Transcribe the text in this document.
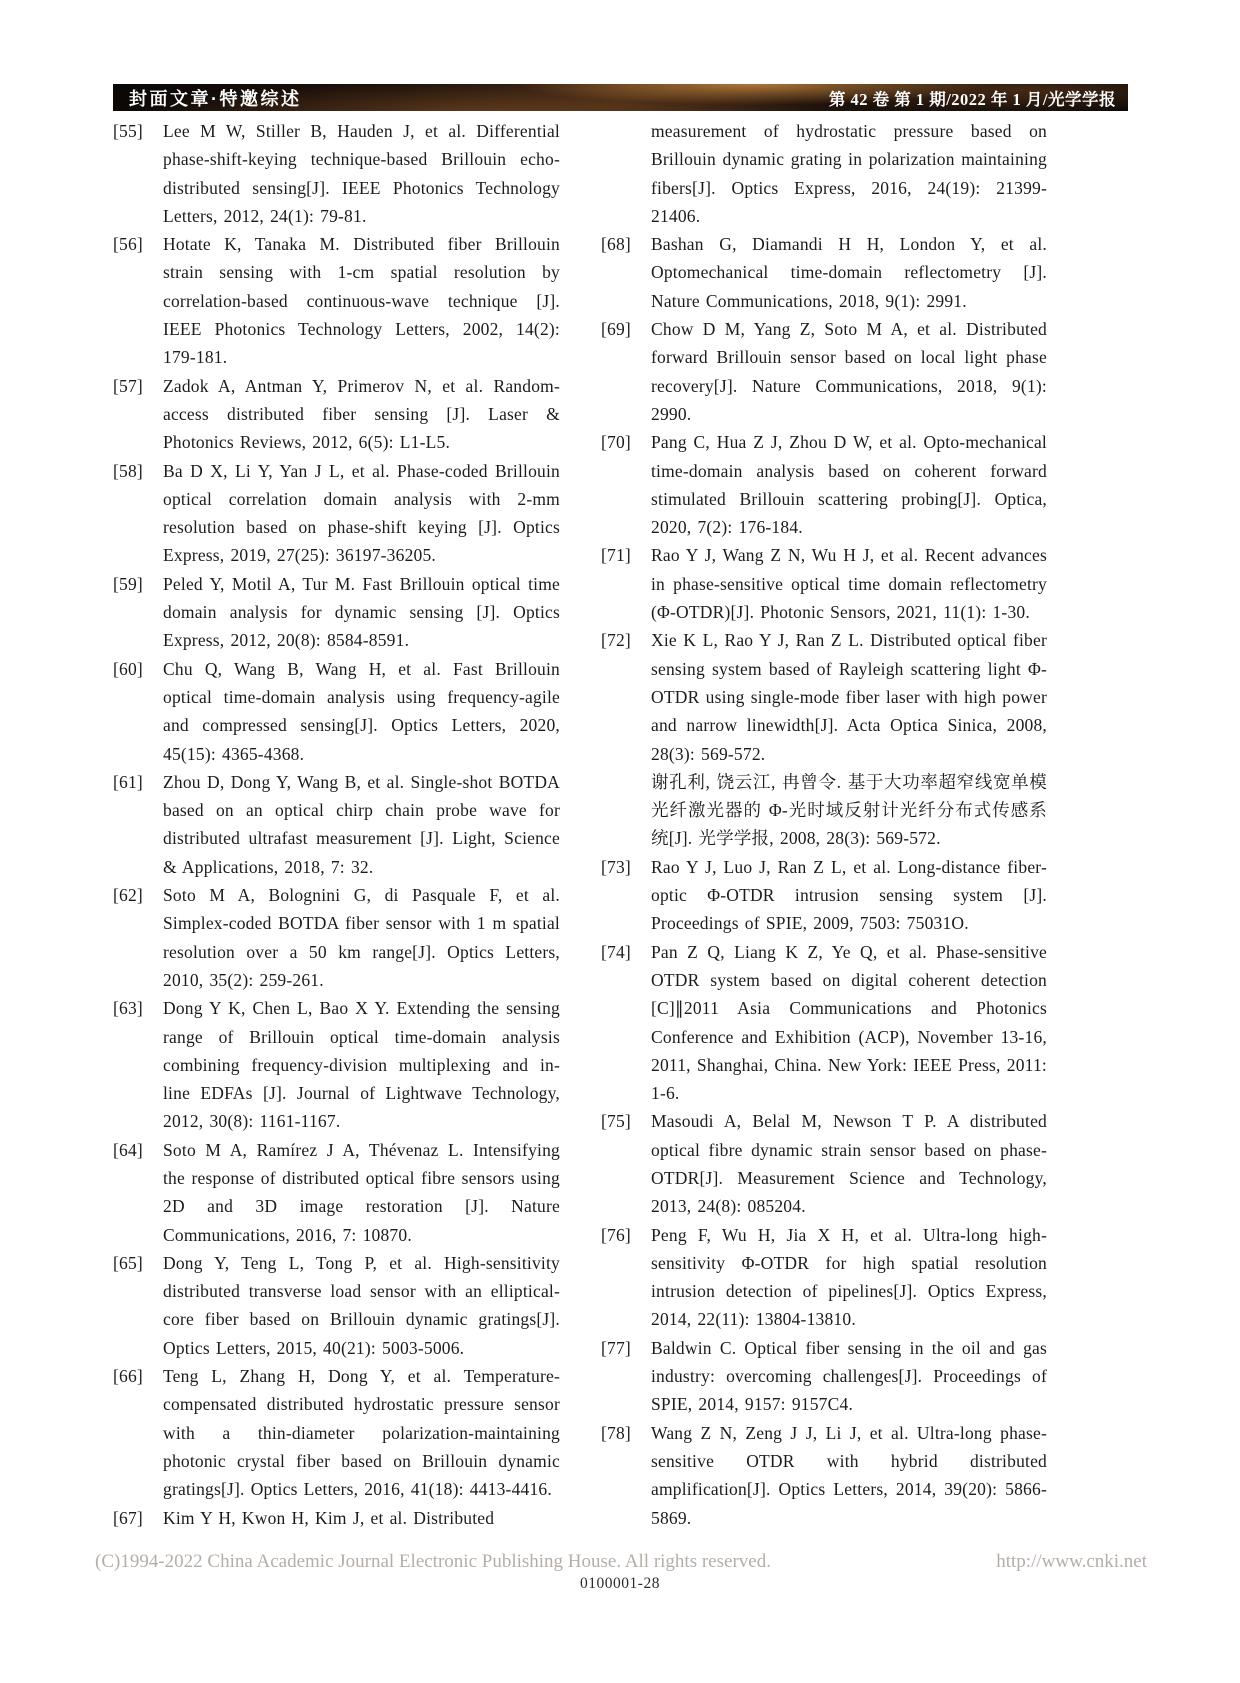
封面文章·特邀综述	第 42 卷 第 1 期/2022 年 1 月/光学学报
[55]	Lee M W, Stiller B, Hauden J, et al. Differential phase-shift-keying technique-based Brillouin echo-distributed sensing[J]. IEEE Photonics Technology Letters, 2012, 24(1): 79-81.
[56]	Hotate K, Tanaka M. Distributed fiber Brillouin strain sensing with 1-cm spatial resolution by correlation-based continuous-wave technique [J]. IEEE Photonics Technology Letters, 2002, 14(2): 179-181.
[57]	Zadok A, Antman Y, Primerov N, et al. Random-access distributed fiber sensing [J]. Laser & Photonics Reviews, 2012, 6(5): L1-L5.
[58]	Ba D X, Li Y, Yan J L, et al. Phase-coded Brillouin optical correlation domain analysis with 2-mm resolution based on phase-shift keying [J]. Optics Express, 2019, 27(25): 36197-36205.
[59]	Peled Y, Motil A, Tur M. Fast Brillouin optical time domain analysis for dynamic sensing [J]. Optics Express, 2012, 20(8): 8584-8591.
[60]	Chu Q, Wang B, Wang H, et al. Fast Brillouin optical time-domain analysis using frequency-agile and compressed sensing[J]. Optics Letters, 2020, 45(15): 4365-4368.
[61]	Zhou D, Dong Y, Wang B, et al. Single-shot BOTDA based on an optical chirp chain probe wave for distributed ultrafast measurement [J]. Light, Science & Applications, 2018, 7: 32.
[62]	Soto M A, Bolognini G, di Pasquale F, et al. Simplex-coded BOTDA fiber sensor with 1 m spatial resolution over a 50 km range[J]. Optics Letters, 2010, 35(2): 259-261.
[63]	Dong Y K, Chen L, Bao X Y. Extending the sensing range of Brillouin optical time-domain analysis combining frequency-division multiplexing and in-line EDFAs [J]. Journal of Lightwave Technology, 2012, 30(8): 1161-1167.
[64]	Soto M A, Ramírez J A, Thévenaz L. Intensifying the response of distributed optical fibre sensors using 2D and 3D image restoration [J]. Nature Communications, 2016, 7: 10870.
[65]	Dong Y, Teng L, Tong P, et al. High-sensitivity distributed transverse load sensor with an elliptical-core fiber based on Brillouin dynamic gratings[J]. Optics Letters, 2015, 40(21): 5003-5006.
[66]	Teng L, Zhang H, Dong Y, et al. Temperature-compensated distributed hydrostatic pressure sensor with a thin-diameter polarization-maintaining photonic crystal fiber based on Brillouin dynamic gratings[J]. Optics Letters, 2016, 41(18): 4413-4416.
[67]	Kim Y H, Kwon H, Kim J, et al. Distributed
measurement of hydrostatic pressure based on Brillouin dynamic grating in polarization maintaining fibers[J]. Optics Express, 2016, 24(19): 21399-21406.
[68]	Bashan G, Diamandi H H, London Y, et al. Optomechanical time-domain reflectometry [J]. Nature Communications, 2018, 9(1): 2991.
[69]	Chow D M, Yang Z, Soto M A, et al. Distributed forward Brillouin sensor based on local light phase recovery[J]. Nature Communications, 2018, 9(1): 2990.
[70]	Pang C, Hua Z J, Zhou D W, et al. Opto-mechanical time-domain analysis based on coherent forward stimulated Brillouin scattering probing[J]. Optica, 2020, 7(2): 176-184.
[71]	Rao Y J, Wang Z N, Wu H J, et al. Recent advances in phase-sensitive optical time domain reflectometry (Φ-OTDR)[J]. Photonic Sensors, 2021, 11(1): 1-30.
[72]	Xie K L, Rao Y J, Ran Z L. Distributed optical fiber sensing system based of Rayleigh scattering light Φ-OTDR using single-mode fiber laser with high power and narrow linewidth[J]. Acta Optica Sinica, 2008, 28(3): 569-572.
谢孔利, 饶云江, 冉曾令. 基于大功率超窄线宽单模光纤激光器的 Φ-光时域反射计光纤分布式传感系统[J]. 光学学报, 2008, 28(3): 569-572.
[73]	Rao Y J, Luo J, Ran Z L, et al. Long-distance fiber-optic Φ-OTDR intrusion sensing system [J]. Proceedings of SPIE, 2009, 7503: 75031O.
[74]	Pan Z Q, Liang K Z, Ye Q, et al. Phase-sensitive OTDR system based on digital coherent detection [C]∥2011 Asia Communications and Photonics Conference and Exhibition (ACP), November 13-16, 2011, Shanghai, China. New York: IEEE Press, 2011: 1-6.
[75]	Masoudi A, Belal M, Newson T P. A distributed optical fibre dynamic strain sensor based on phase-OTDR[J]. Measurement Science and Technology, 2013, 24(8): 085204.
[76]	Peng F, Wu H, Jia X H, et al. Ultra-long high-sensitivity Φ-OTDR for high spatial resolution intrusion detection of pipelines[J]. Optics Express, 2014, 22(11): 13804-13810.
[77]	Baldwin C. Optical fiber sensing in the oil and gas industry: overcoming challenges[J]. Proceedings of SPIE, 2014, 9157: 9157C4.
[78]	Wang Z N, Zeng J J, Li J, et al. Ultra-long phase-sensitive OTDR with hybrid distributed amplification[J]. Optics Letters, 2014, 39(20): 5866-5869.
(C)1994-2022 China Academic Journal Electronic Publishing House. All rights reserved.	http://www.cnki.net
0100001-28
